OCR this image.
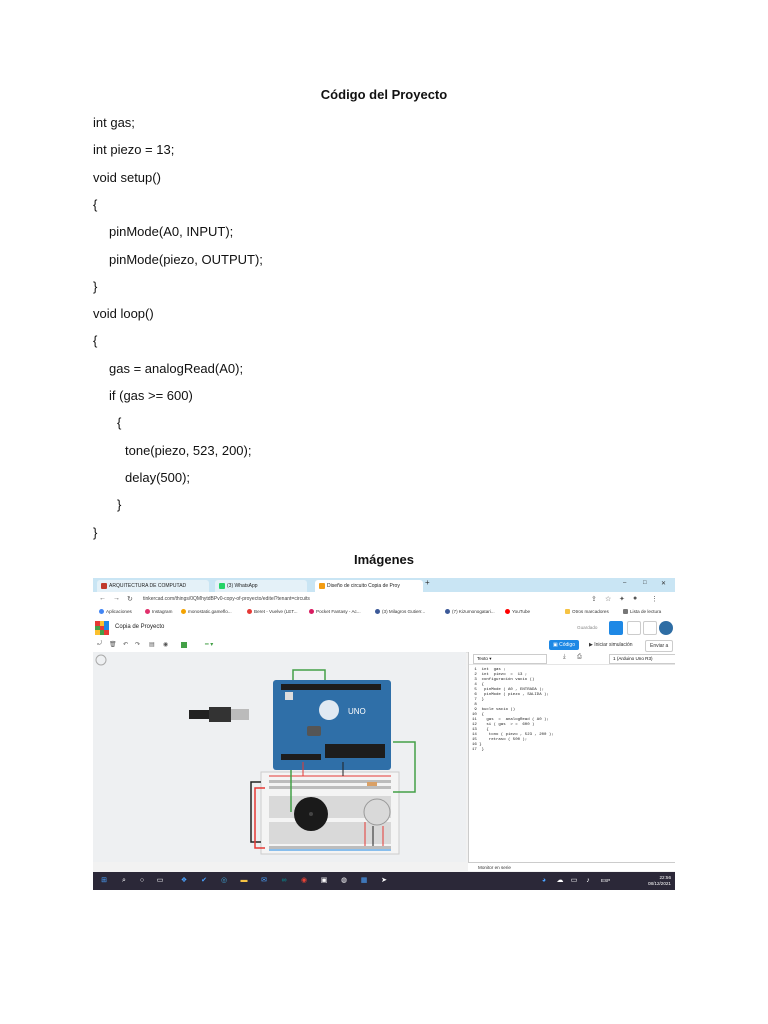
Código del Proyecto
int gas;
int piezo = 13;
void setup()
{
pinMode(A0, INPUT);
pinMode(piezo, OUTPUT);
}
void loop()
{
gas = analogRead(A0);
if (gas >= 600)
{
tone(piezo, 523, 200);
delay(500);
}
}
Imágenes
ARQUITECTURA DE COMPUTAD	(3) WhatsApp	Diseño de circuito Copia de Proy	+	–	□ ✕
← → ↻ tinkercad.com/things/0QMhytdBPv0-copy-of-proyecto/editel?tenant=circuits	⇪ ☆ ✦ ● ⋮
Aplicaciones	Instagram	monostatic.gameflo...	Beret - Vuelve (LET...	Pocket Fantasy - Ac...	(3) Milagros Gutierr...	(7) Kizumonogatari...	YouTube	Otros marcadores	Lista de lectura
Copia de Proyecto	Guardado
⤾ 🗑 ↶ ↷ ▤ ◉	━ ▾	▣ Código	▶ Iniciar simulación	Enviar a
UNO
Texto ▾	⤓ ⎙	1 (Arduino Uno R3)
1  int  gas ;
2  int  piezo  =  13 ;
3  configuración vacío ()
4  {
5   pinMode ( A0 , ENTRADA );
6   pinMode ( piezo , SALIDA );
7  }
8
9  bucle vacío ()
10  {
11    gas  =  analogRead ( A0 );
12    si ( gas  > =  600 )
13    {
14     tono ( piezo , 523 , 200 );
15     retraso ( 500 );
16 }
17  }
Monitor en serie
⊞	⌕	○	▭	❖ ✔ ◎ ▬ ✉	∞	◉ ▣ ◍ ▦ ➤	◕	☁ ▭	♪	ESP
22:56
08/12/2021
